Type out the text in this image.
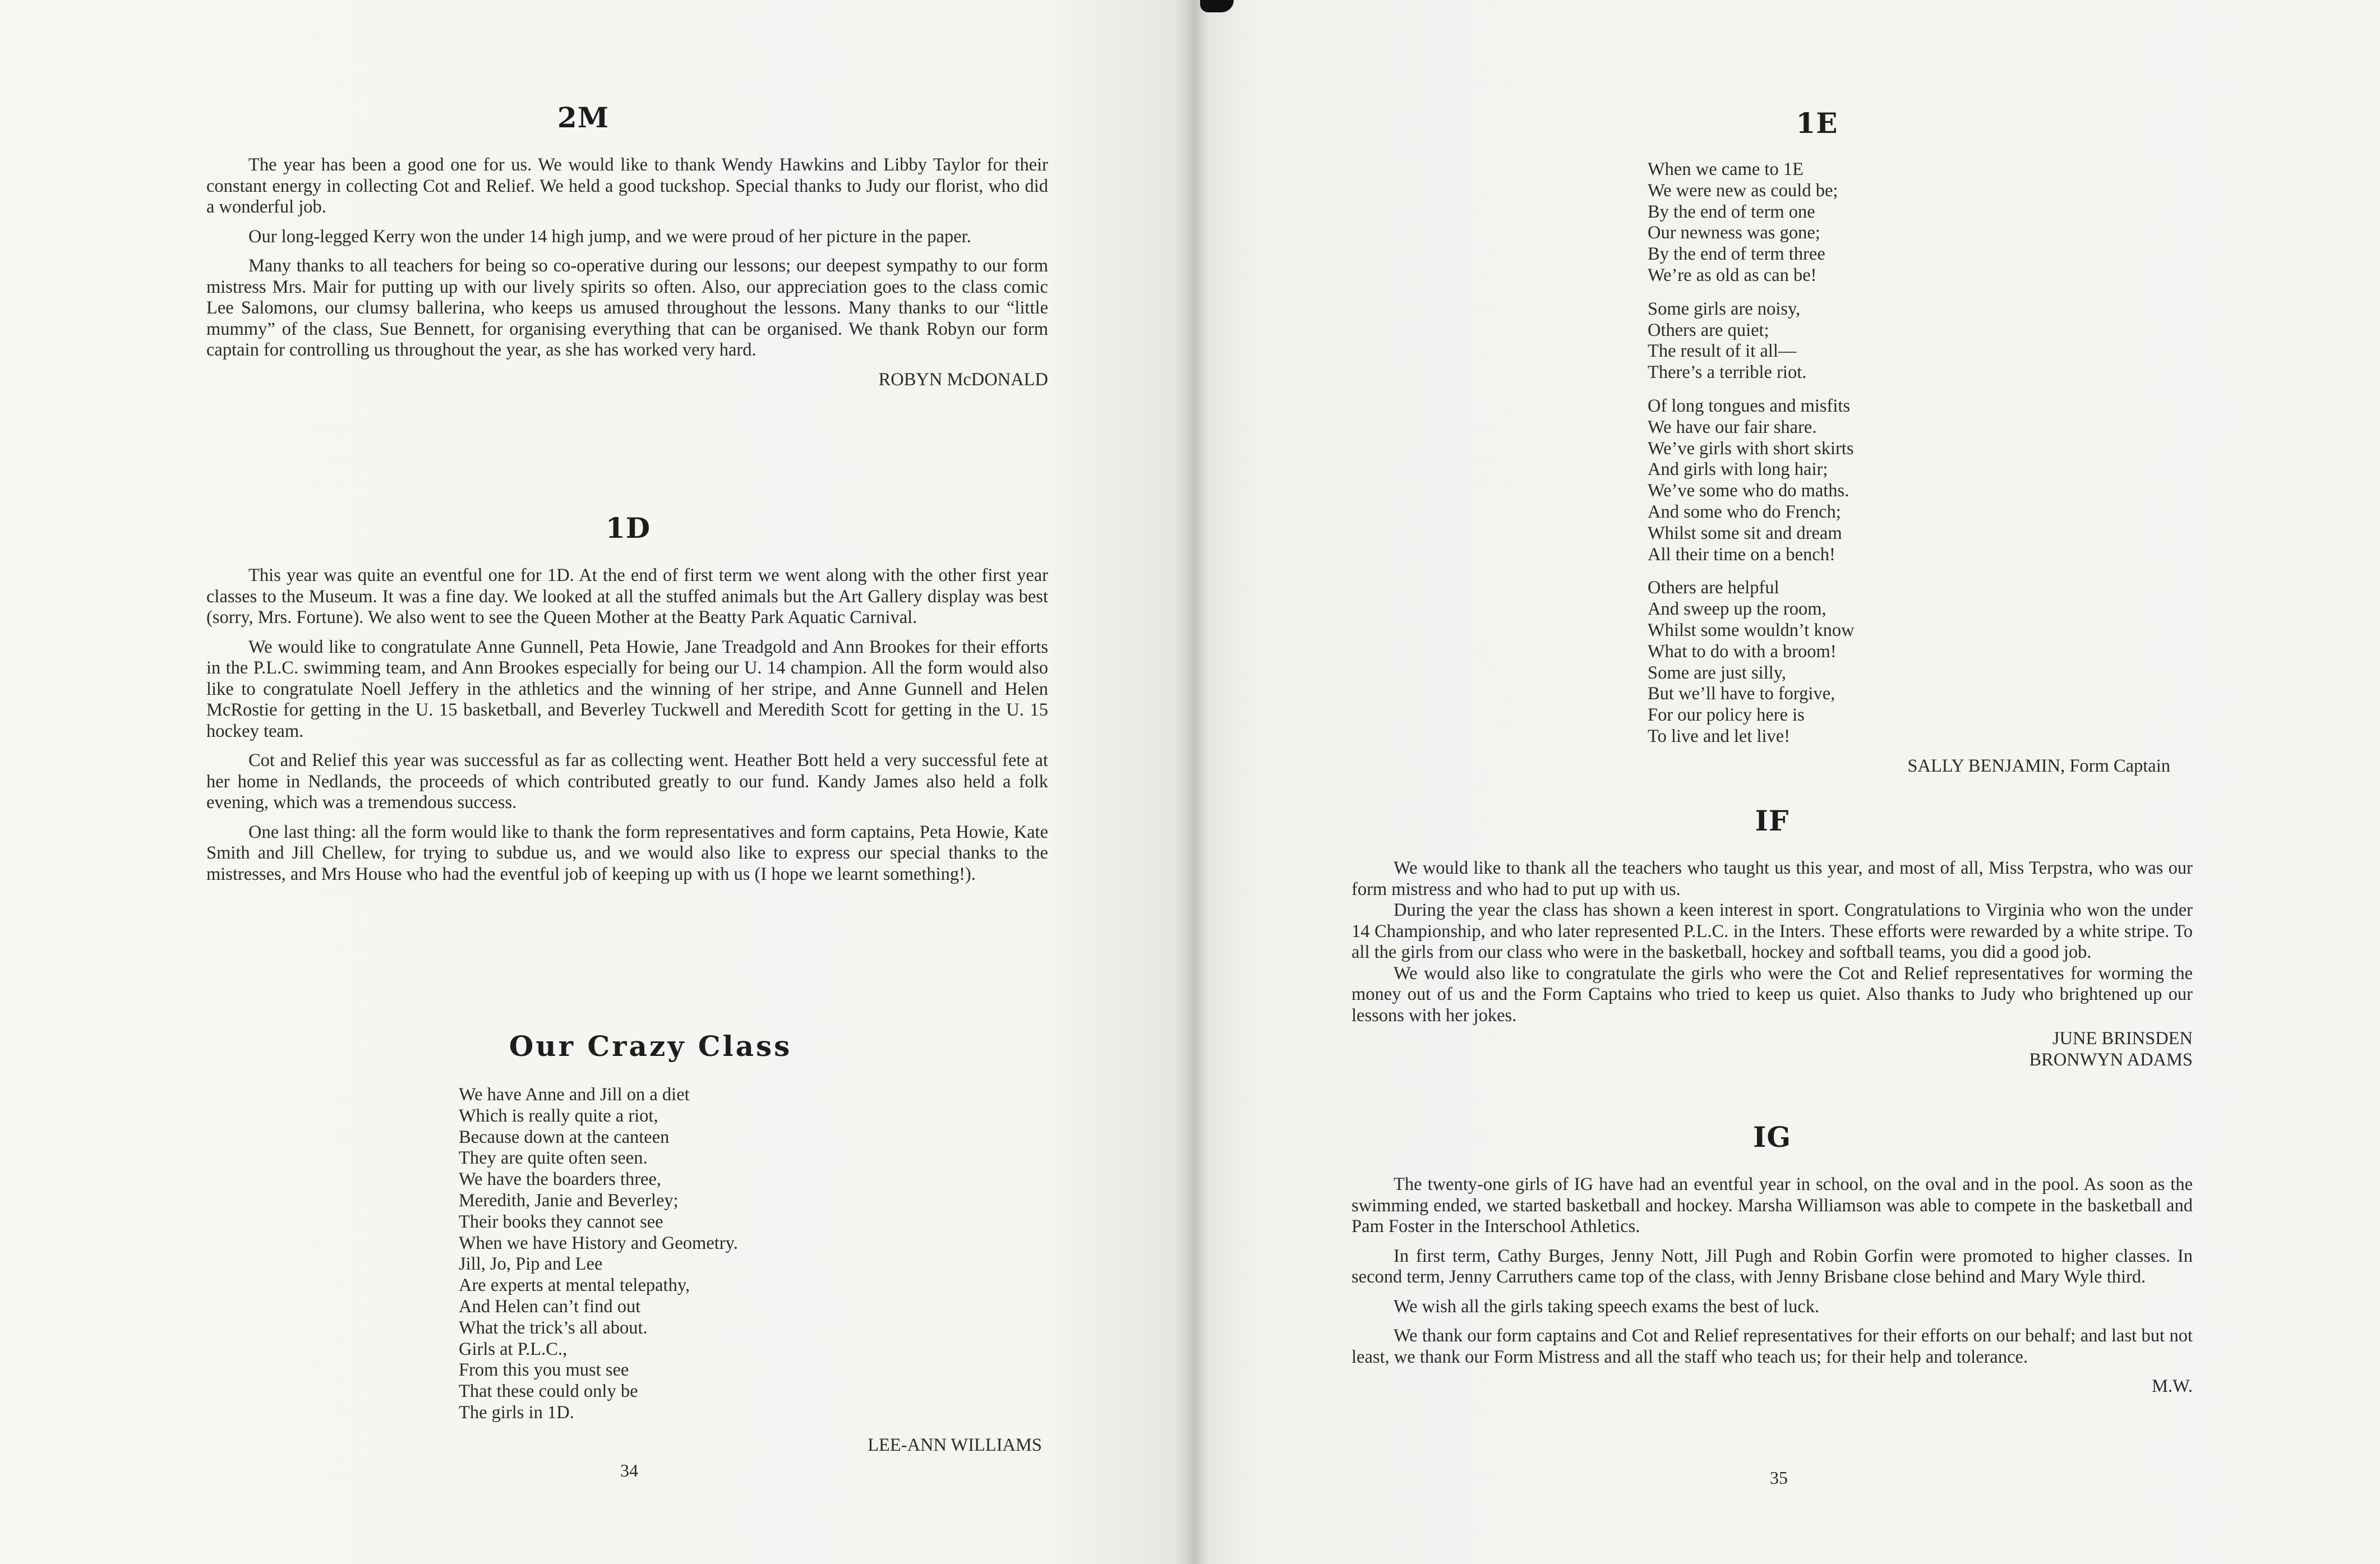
2M

The year has been a good one for us. We would like to thank Wendy Hawkins and Libby Taylor for their constant energy in collecting Cot and Relief. We held a good tuckshop. Special thanks to Judy our florist, who did a wonderful job.

Our long-legged Kerry won the under 14 high jump, and we were proud of her picture in the paper.

Many thanks to all teachers for being so co-operative during our lessons; our deepest sympathy to our form mistress Mrs. Mair for putting up with our lively spirits so often. Also, our appreciation goes to the class comic Lee Salomons, our clumsy ballerina, who keeps us amused throughout the lessons. Many thanks to our “little mummy” of the class, Sue Bennett, for organising everything that can be organised. We thank Robyn our form captain for controlling us throughout the year, as she has worked very hard.

ROBYN McDONALD

1D

This year was quite an eventful one for 1D. At the end of first term we went along with the other first year classes to the Museum. It was a fine day. We looked at all the stuffed animals but the Art Gallery display was best (sorry, Mrs. Fortune). We also went to see the Queen Mother at the Beatty Park Aquatic Carnival.

We would like to congratulate Anne Gunnell, Peta Howie, Jane Treadgold and Ann Brookes for their efforts in the P.L.C. swimming team, and Ann Brookes especially for being our U. 14 champion. All the form would also like to congratulate Noell Jeffery in the athletics and the winning of her stripe, and Anne Gunnell and Helen McRostie for getting in the U. 15 basketball, and Beverley Tuckwell and Meredith Scott for getting in the U. 15 hockey team.

Cot and Relief this year was successful as far as collecting went. Heather Bott held a very successful fete at her home in Nedlands, the proceeds of which contributed greatly to our fund. Kandy James also held a folk evening, which was a tremendous success.

One last thing: all the form would like to thank the form representatives and form captains, Peta Howie, Kate Smith and Jill Chellew, for trying to subdue us, and we would also like to express our special thanks to the mistresses, and Mrs House who had the eventful job of keeping up with us (I hope we learnt something!).

Our Crazy Class
We have Anne and Jill on a diet
Which is really quite a riot,
Because down at the canteen
They are quite often seen.
We have the boarders three,
Meredith, Janie and Beverley;
Their books they cannot see
When we have History and Geometry.
Jill, Jo, Pip and Lee
Are experts at mental telepathy,
And Helen can’t find out
What the trick’s all about.
Girls at P.L.C.,
From this you must see
That these could only be
The girls in 1D.

LEE-ANN WILLIAMS

34

1E
When we came to 1E
We were new as could be;
By the end of term one
Our newness was gone;
By the end of term three
We’re as old as can be!
Some girls are noisy,
Others are quiet;
The result of it all—
There’s a terrible riot.
Of long tongues and misfits
We have our fair share.
We’ve girls with short skirts
And girls with long hair;
We’ve some who do maths.
And some who do French;
Whilst some sit and dream
All their time on a bench!
Others are helpful
And sweep up the room,
Whilst some wouldn’t know
What to do with a broom!
Some are just silly,
But we’ll have to forgive,
For our policy here is
To live and let live!

SALLY BENJAMIN, Form Captain

IF

We would like to thank all the teachers who taught us this year, and most of all, Miss Terpstra, who was our form mistress and who had to put up with us.

During the year the class has shown a keen interest in sport. Congratulations to Virginia who won the under 14 Championship, and who later represented P.L.C. in the Inters. These efforts were rewarded by a white stripe. To all the girls from our class who were in the basketball, hockey and softball teams, you did a good job.

We would also like to congratulate the girls who were the Cot and Relief representatives for worming the money out of us and the Form Captains who tried to keep us quiet. Also thanks to Judy who brightened up our lessons with her jokes.

JUNE BRINSDEN
BRONWYN ADAMS
IG

The twenty-one girls of IG have had an eventful year in school, on the oval and in the pool. As soon as the swimming ended, we started basketball and hockey. Marsha Williamson was able to compete in the basketball and Pam Foster in the Interschool Athletics.

In first term, Cathy Burges, Jenny Nott, Jill Pugh and Robin Gorfin were promoted to higher classes. In second term, Jenny Carruthers came top of the class, with Jenny Brisbane close behind and Mary Wyle third.

We wish all the girls taking speech exams the best of luck.

We thank our form captains and Cot and Relief representatives for their efforts on our behalf; and last but not least, we thank our Form Mistress and all the staff who teach us; for their help and tolerance.

M.W.

35
